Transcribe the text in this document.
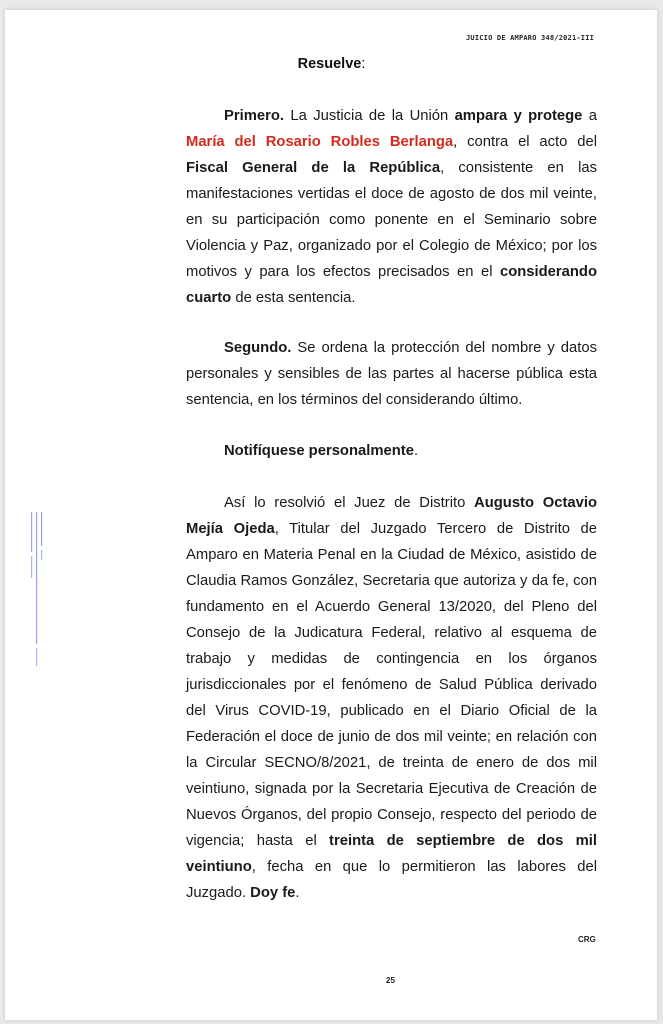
JUICIO DE AMPARO 348/2021-III
Resuelve:

Primero. La Justicia de la Unión ampara y protege a María del Rosario Robles Berlanga, contra el acto del Fiscal General de la República, consistente en las manifestaciones vertidas el doce de agosto de dos mil veinte, en su participación como ponente en el Seminario sobre Violencia y Paz, organizado por el Colegio de México; por los motivos y para los efectos precisados en el considerando cuarto de esta sentencia.

Segundo. Se ordena la protección del nombre y datos personales y sensibles de las partes al hacerse pública esta sentencia, en los términos del considerando último.

Notifíquese personalmente.

Así lo resolvió el Juez de Distrito Augusto Octavio Mejía Ojeda, Titular del Juzgado Tercero de Distrito de Amparo en Materia Penal en la Ciudad de México, asistido de Claudia Ramos González, Secretaria que autoriza y da fe, con fundamento en el Acuerdo General 13/2020, del Pleno del Consejo de la Judicatura Federal, relativo al esquema de trabajo y medidas de contingencia en los órganos jurisdiccionales por el fenómeno de Salud Pública derivado del Virus COVID-19, publicado en el Diario Oficial de la Federación el doce de junio de dos mil veinte; en relación con la Circular SECNO/8/2021, de treinta de enero de dos mil veintiuno, signada por la Secretaria Ejecutiva de Creación de Nuevos Órganos, del propio Consejo, respecto del periodo de vigencia; hasta el treinta de septiembre de dos mil veintiuno, fecha en que lo permitieron las labores del Juzgado. Doy fe.

CRG
25
